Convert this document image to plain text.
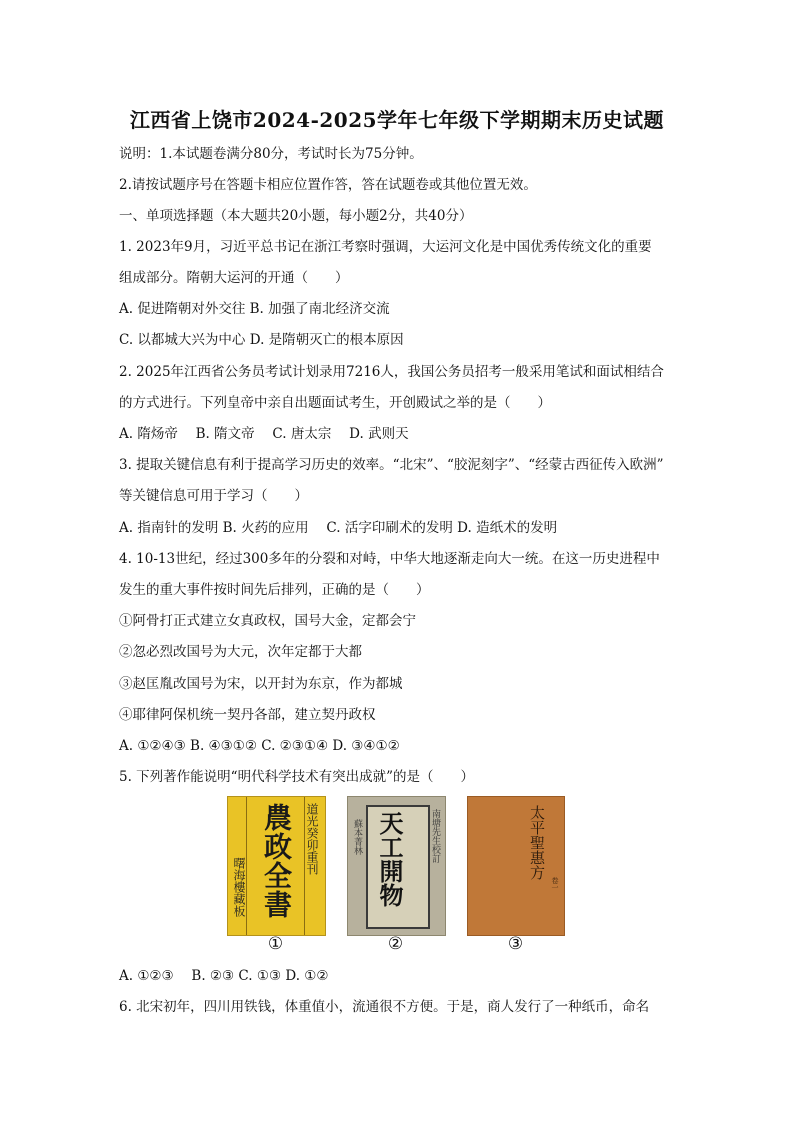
江西省上饶市2024-2025学年七年级下学期期末历史试题
说明：1.本试题卷满分80分，考试时长为75分钟。
2.请按试题序号在答题卡相应位置作答，答在试题卷或其他位置无效。
一、单项选择题（本大题共20小题，每小题2分，共40分）
1. 2023年9月，习近平总书记在浙江考察时强调，大运河文化是中国优秀传统文化的重要
组成部分。隋朝大运河的开通（　　）
A. 促进隋朝对外交往 B. 加强了南北经济交流
C. 以都城大兴为中心 D. 是隋朝灭亡的根本原因
2. 2025年江西省公务员考试计划录用7216人，我国公务员招考一般采用笔试和面试相结合
的方式进行。下列皇帝中亲自出题面试考生，开创殿试之举的是（　　）
A. 隋炀帝　 B. 隋文帝　 C. 唐太宗　 D. 武则天
3. 提取关键信息有利于提高学习历史的效率。“北宋”、“胶泥刻字”、“经蒙古西征传入欧洲”
等关键信息可用于学习（　　）
A. 指南针的发明 B. 火药的应用　 C. 活字印刷术的发明 D. 造纸术的发明
4. 10-13世纪，经过300多年的分裂和对峙，中华大地逐渐走向大一统。在这一历史进程中
发生的重大事件按时间先后排列，正确的是（　　）
①阿骨打正式建立女真政权，国号大金，定都会宁
②忽必烈改国号为大元，次年定都于大都
③赵匡胤改国号为宋，以开封为东京，作为都城
④耶律阿保机统一契丹各部，建立契丹政权
A. ①②④③ B. ④③①② C. ②③①④ D. ③④①②
5. 下列著作能说明“明代科学技术有突出成就”的是（　　）
農政全書 道光癸卯重刊
曙海樓藏板	天工開物	南塘先生校訂
蘇本菁林	太平聖惠方
卷一
①	②	③
A. ①②③　 B. ②③ C. ①③ D. ①②
6. 北宋初年，四川用铁钱，体重值小，流通很不方便。于是，商人发行了一种纸币，命名
